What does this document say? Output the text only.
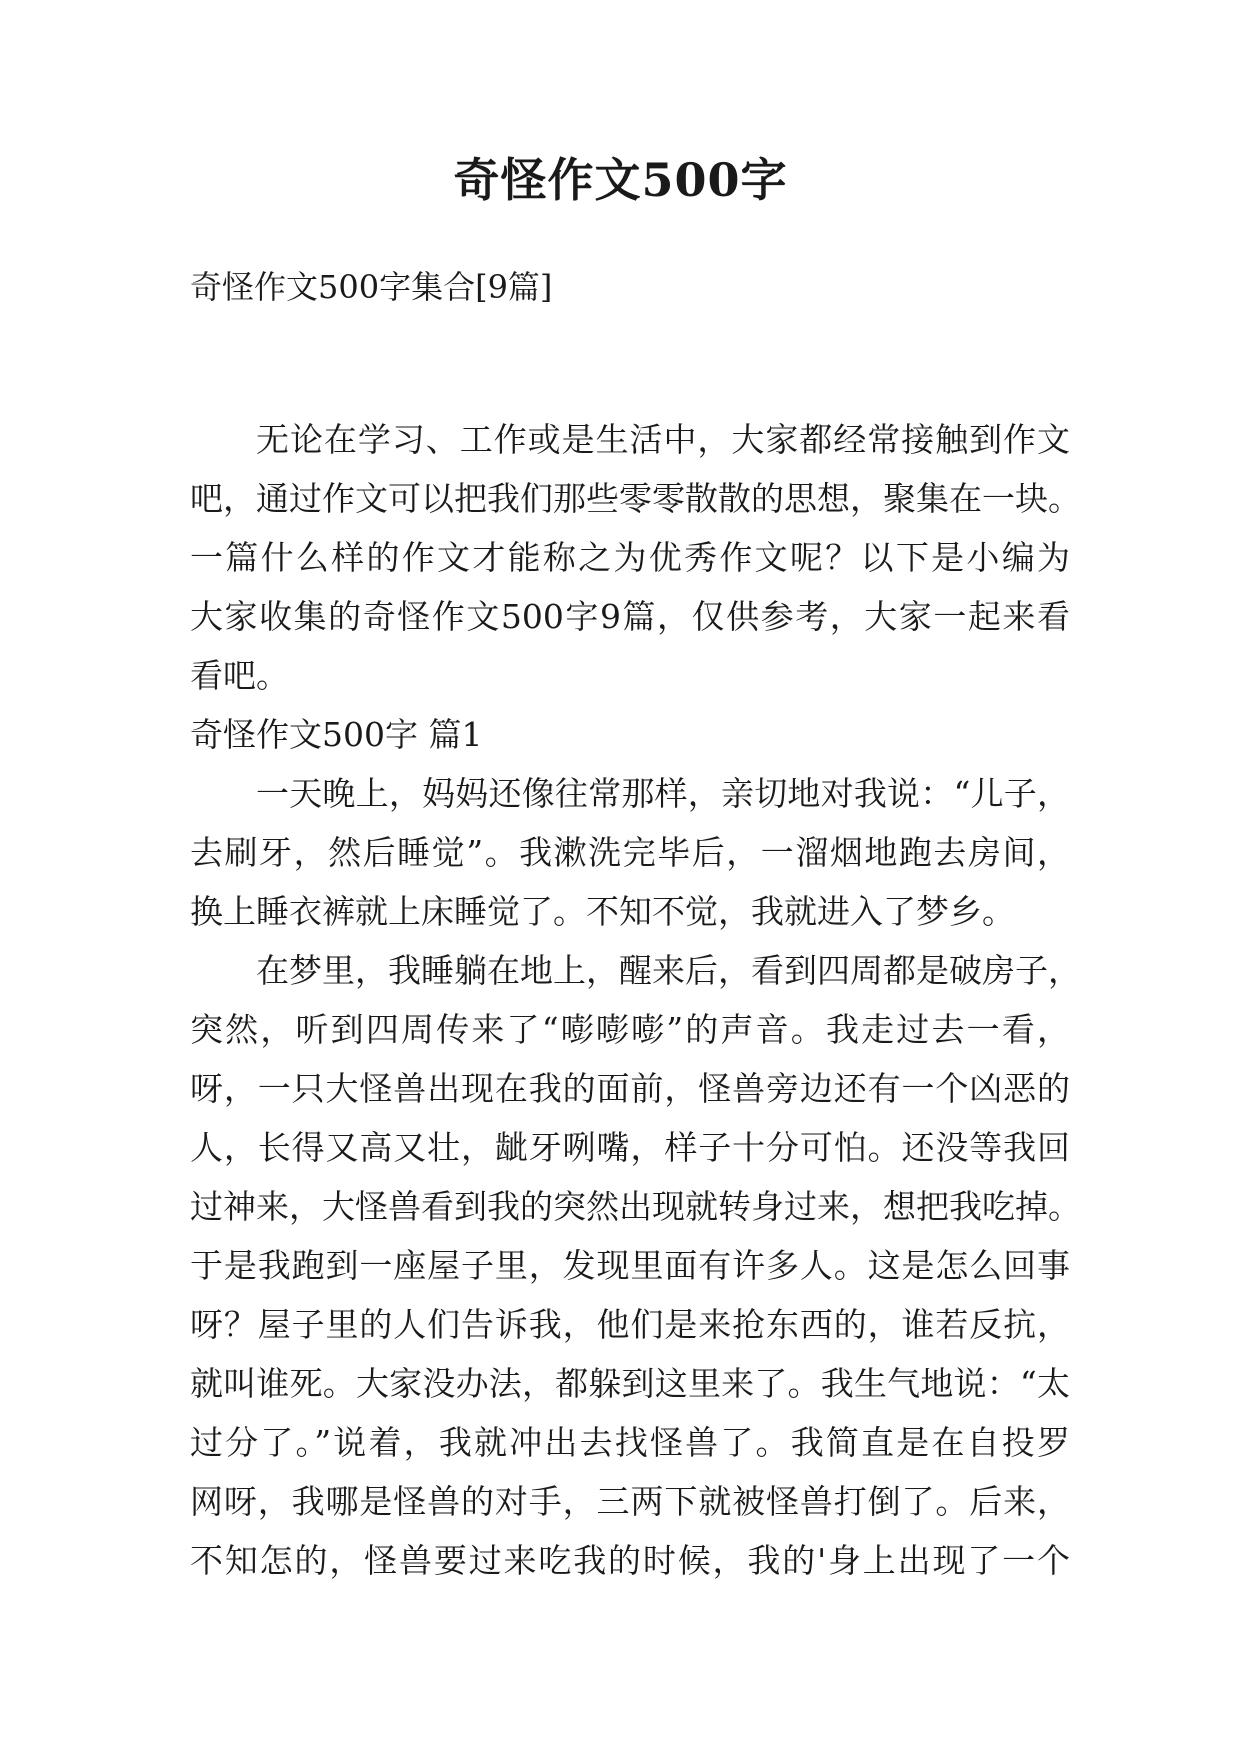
奇怪作文500字

奇怪作文500字集合[9篇]

无论在学习、工作或是生活中，大家都经常接触到作文
吧，通过作文可以把我们那些零零散散的思想，聚集在一块。
一篇什么样的作文才能称之为优秀作文呢？以下是小编为
大家收集的奇怪作文500字9篇，仅供参考，大家一起来看
看吧。
奇怪作文500字 篇1
一天晚上，妈妈还像往常那样，亲切地对我说：“儿子，
去刷牙，然后睡觉”。我漱洗完毕后，一溜烟地跑去房间，
换上睡衣裤就上床睡觉了。不知不觉，我就进入了梦乡。
在梦里，我睡躺在地上，醒来后，看到四周都是破房子，
突然，听到四周传来了“嘭嘭嘭”的声音。我走过去一看，
呀，一只大怪兽出现在我的面前，怪兽旁边还有一个凶恶的
人，长得又高又壮，龇牙咧嘴，样子十分可怕。还没等我回
过神来，大怪兽看到我的突然出现就转身过来，想把我吃掉。
于是我跑到一座屋子里，发现里面有许多人。这是怎么回事
呀？屋子里的人们告诉我，他们是来抢东西的，谁若反抗，
就叫谁死。大家没办法，都躲到这里来了。我生气地说：“太
过分了。”说着，我就冲出去找怪兽了。我简直是在自投罗
网呀，我哪是怪兽的对手，三两下就被怪兽打倒了。后来，
不知怎的，怪兽要过来吃我的时候，我的'身上出现了一个
